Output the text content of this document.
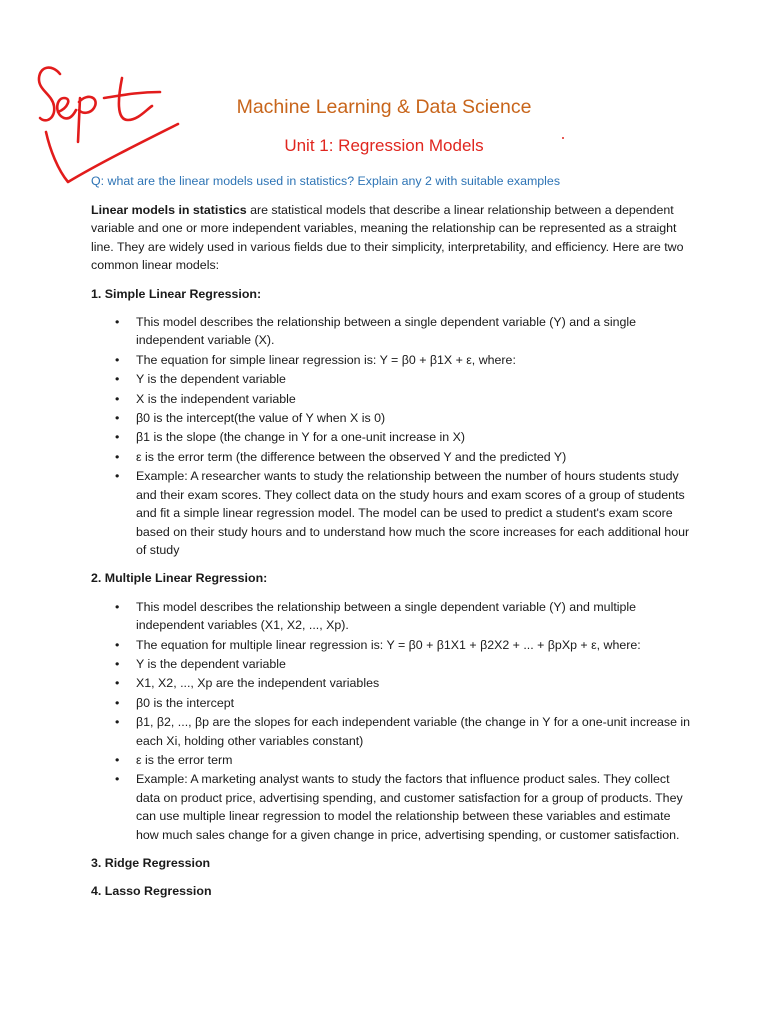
Machine Learning & Data Science
Unit 1: Regression Models
Q: what are the linear models used in statistics? Explain any 2 with suitable examples

Linear models in statistics are statistical models that describe a linear relationship between a dependent variable and one or more independent variables, meaning the relationship can be represented as a straight line. They are widely used in various fields due to their simplicity, interpretability, and efficiency. Here are two common linear models:

1. Simple Linear Regression:

• This model describes the relationship between a single dependent variable (Y) and a single independent variable (X).
• The equation for simple linear regression is: Y = β0 + β1X + ε, where:
• Y is the dependent variable
• X is the independent variable
• β0 is the intercept(the value of Y when X is 0)
• β1 is the slope (the change in Y for a one-unit increase in X)
• ε is the error term (the difference between the observed Y and the predicted Y)
• Example: A researcher wants to study the relationship between the number of hours students study and their exam scores. They collect data on the study hours and exam scores of a group of students and fit a simple linear regression model. The model can be used to predict a student's exam score based on their study hours and to understand how much the score increases for each additional hour of study

2. Multiple Linear Regression:

• This model describes the relationship between a single dependent variable (Y) and multiple independent variables (X1, X2, ..., Xp).
• The equation for multiple linear regression is: Y = β0 + β1X1 + β2X2 + ... + βpXp + ε, where:
• Y is the dependent variable
• X1, X2, ..., Xp are the independent variables
• β0 is the intercept
• β1, β2, ..., βp are the slopes for each independent variable (the change in Y for a one-unit increase in each Xi, holding other variables constant)
• ε is the error term
• Example: A marketing analyst wants to study the factors that influence product sales. They collect data on product price, advertising spending, and customer satisfaction for a group of products. They can use multiple linear regression to model the relationship between these variables and estimate how much sales change for a given change in price, advertising spending, or customer satisfaction.

3. Ridge Regression

4. Lasso Regression
